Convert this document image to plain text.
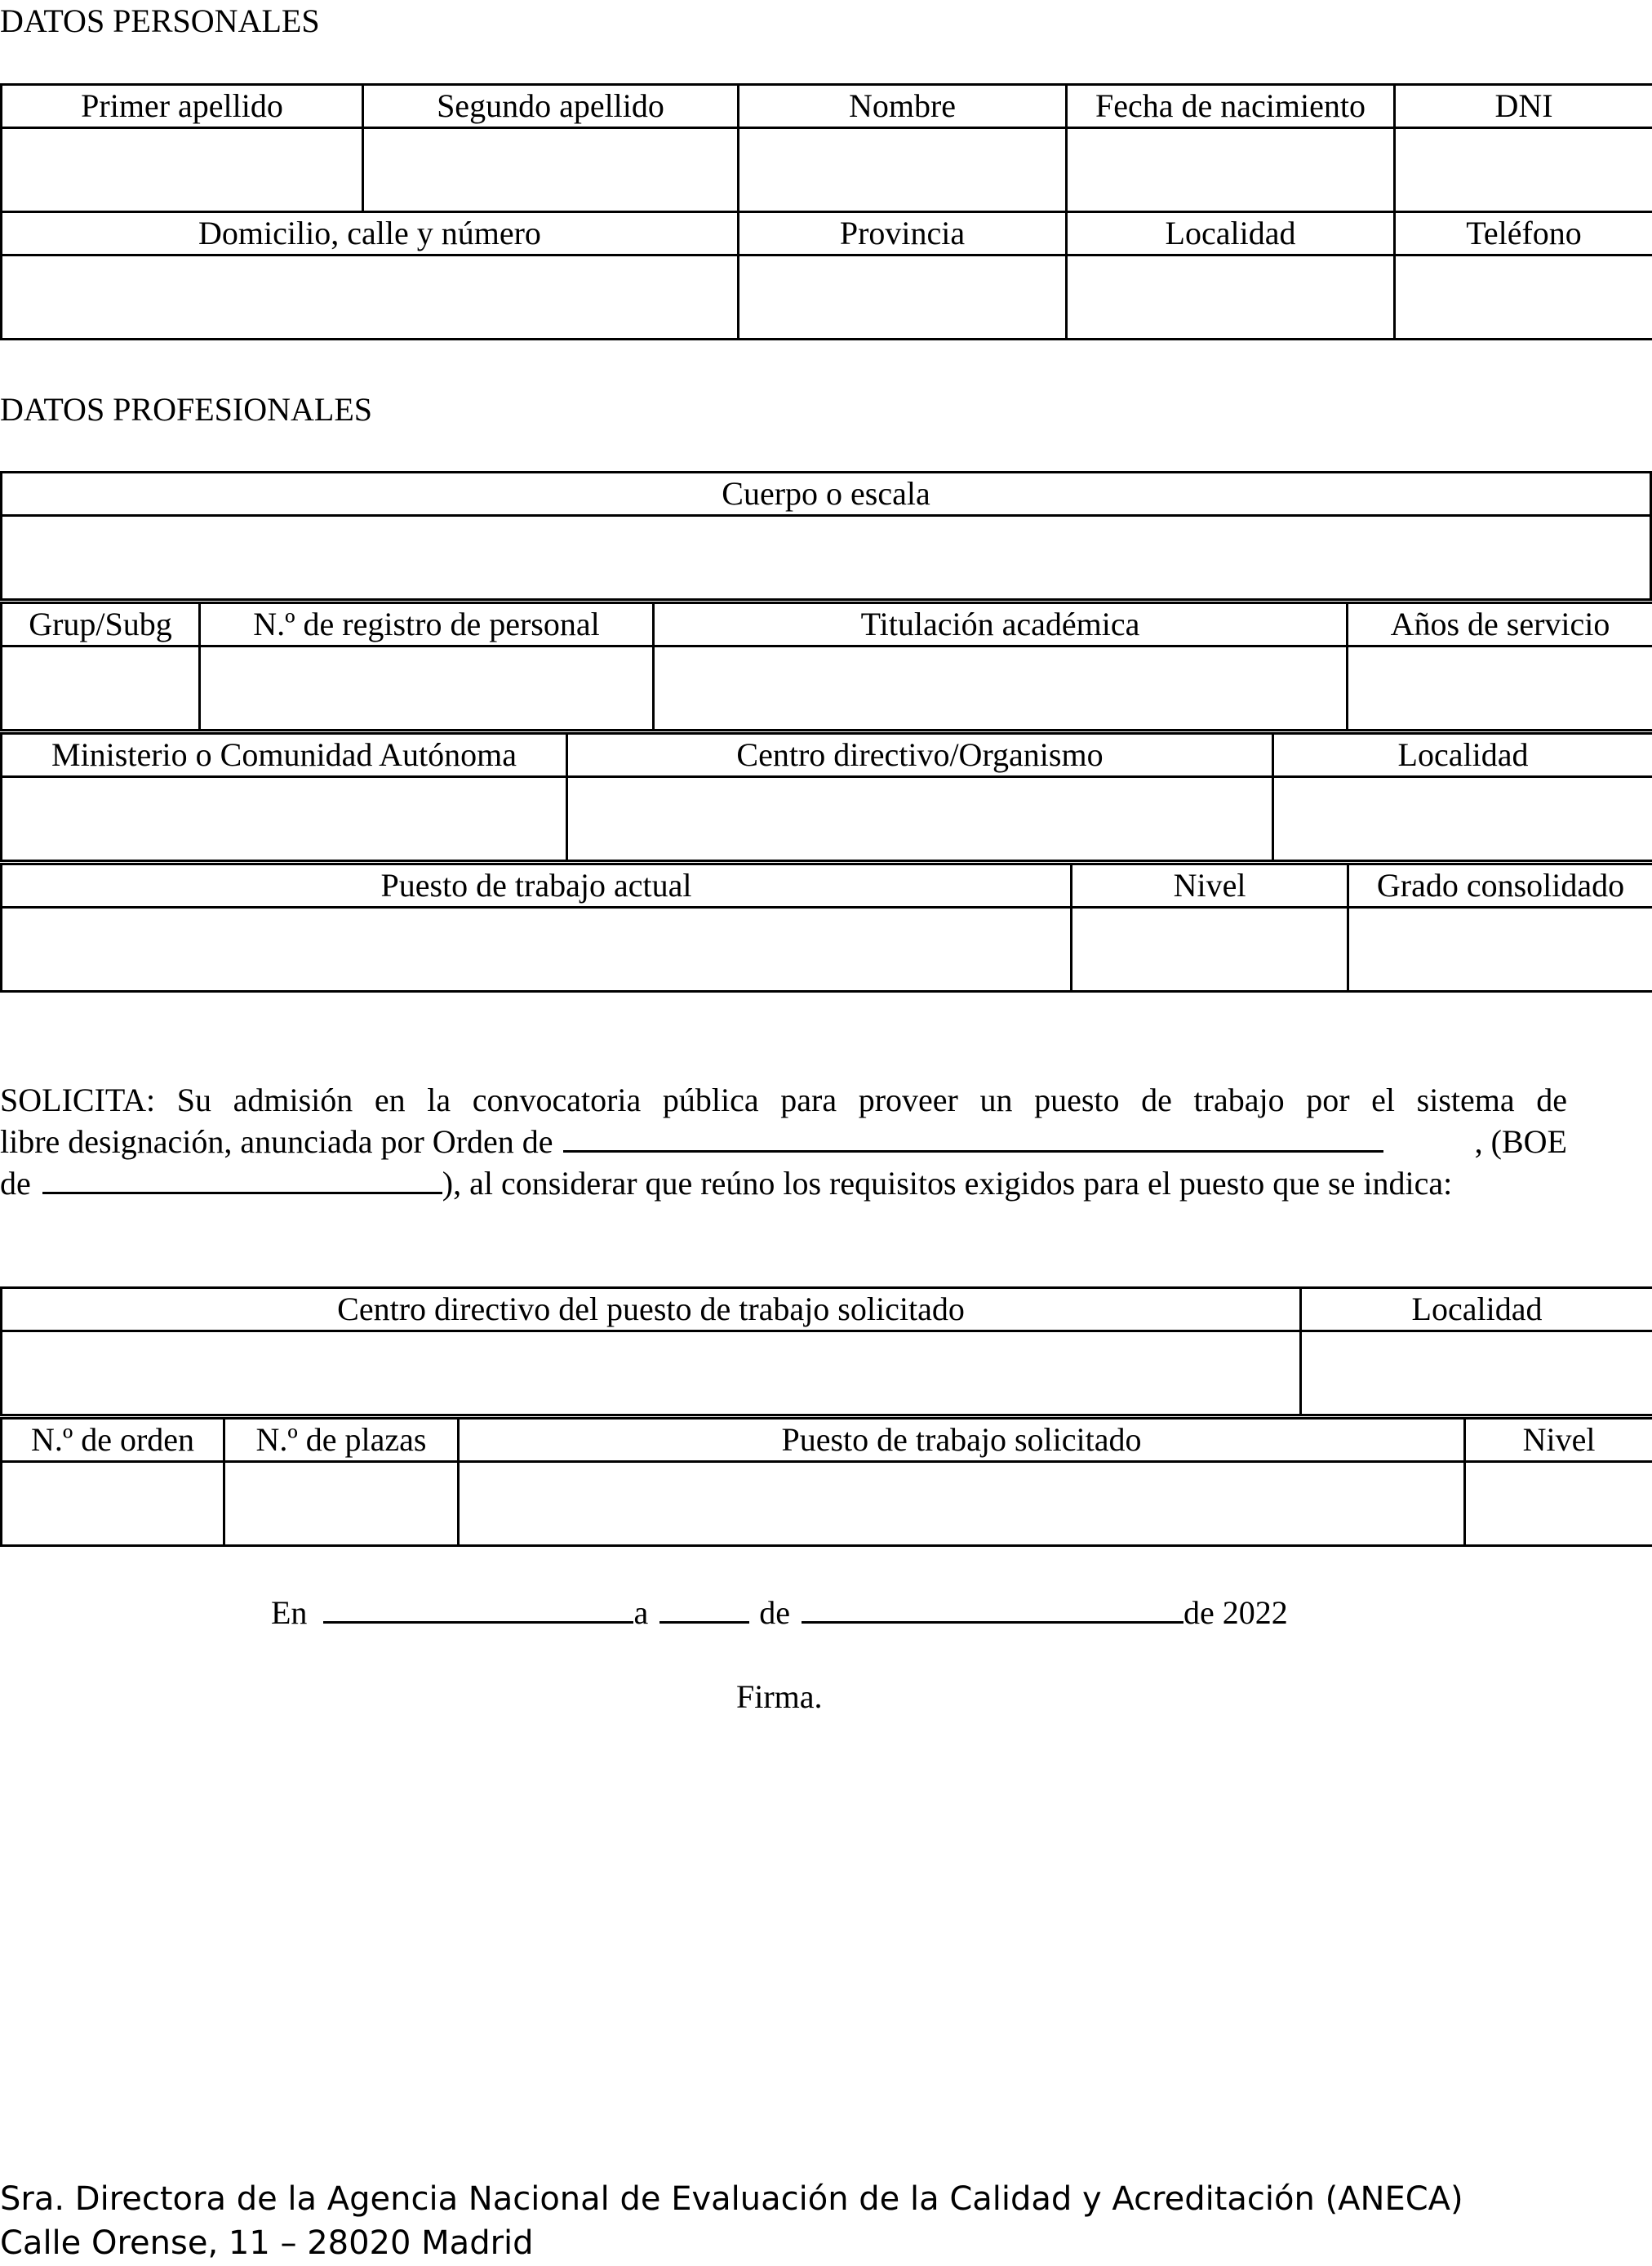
DATOS PERSONALES
Primer apellido	Segundo apellido	Nombre	Fecha de nacimiento	DNI

Domicilio, calle y número		Provincia	Localidad	Teléfono

DATOS PROFESIONALES
Cuerpo o escala

Grup/Subg	N.º de registro de personal	Titulación académica	Años de servicio

Ministerio o Comunidad Autónoma	Centro directivo/Organismo	Localidad

Puesto de trabajo actual	Nivel	Grado consolidado

SOLICITA: Su admisión en la convocatoria pública para proveer un puesto de trabajo por el sistema de
libre designación, anunciada por Orden de	, (BOE
de	), al considerar que reúno los requisitos exigidos para el puesto que se indica:
Centro directivo del puesto de trabajo solicitado	Localidad

N.º de orden	N.º de plazas	Puesto de trabajo solicitado	Nivel

En	a	de	de 2022
Firma.
Sra. Directora de la Agencia Nacional de Evaluación de la Calidad y Acreditación (ANECA)
Calle Orense, 11 – 28020 Madrid
